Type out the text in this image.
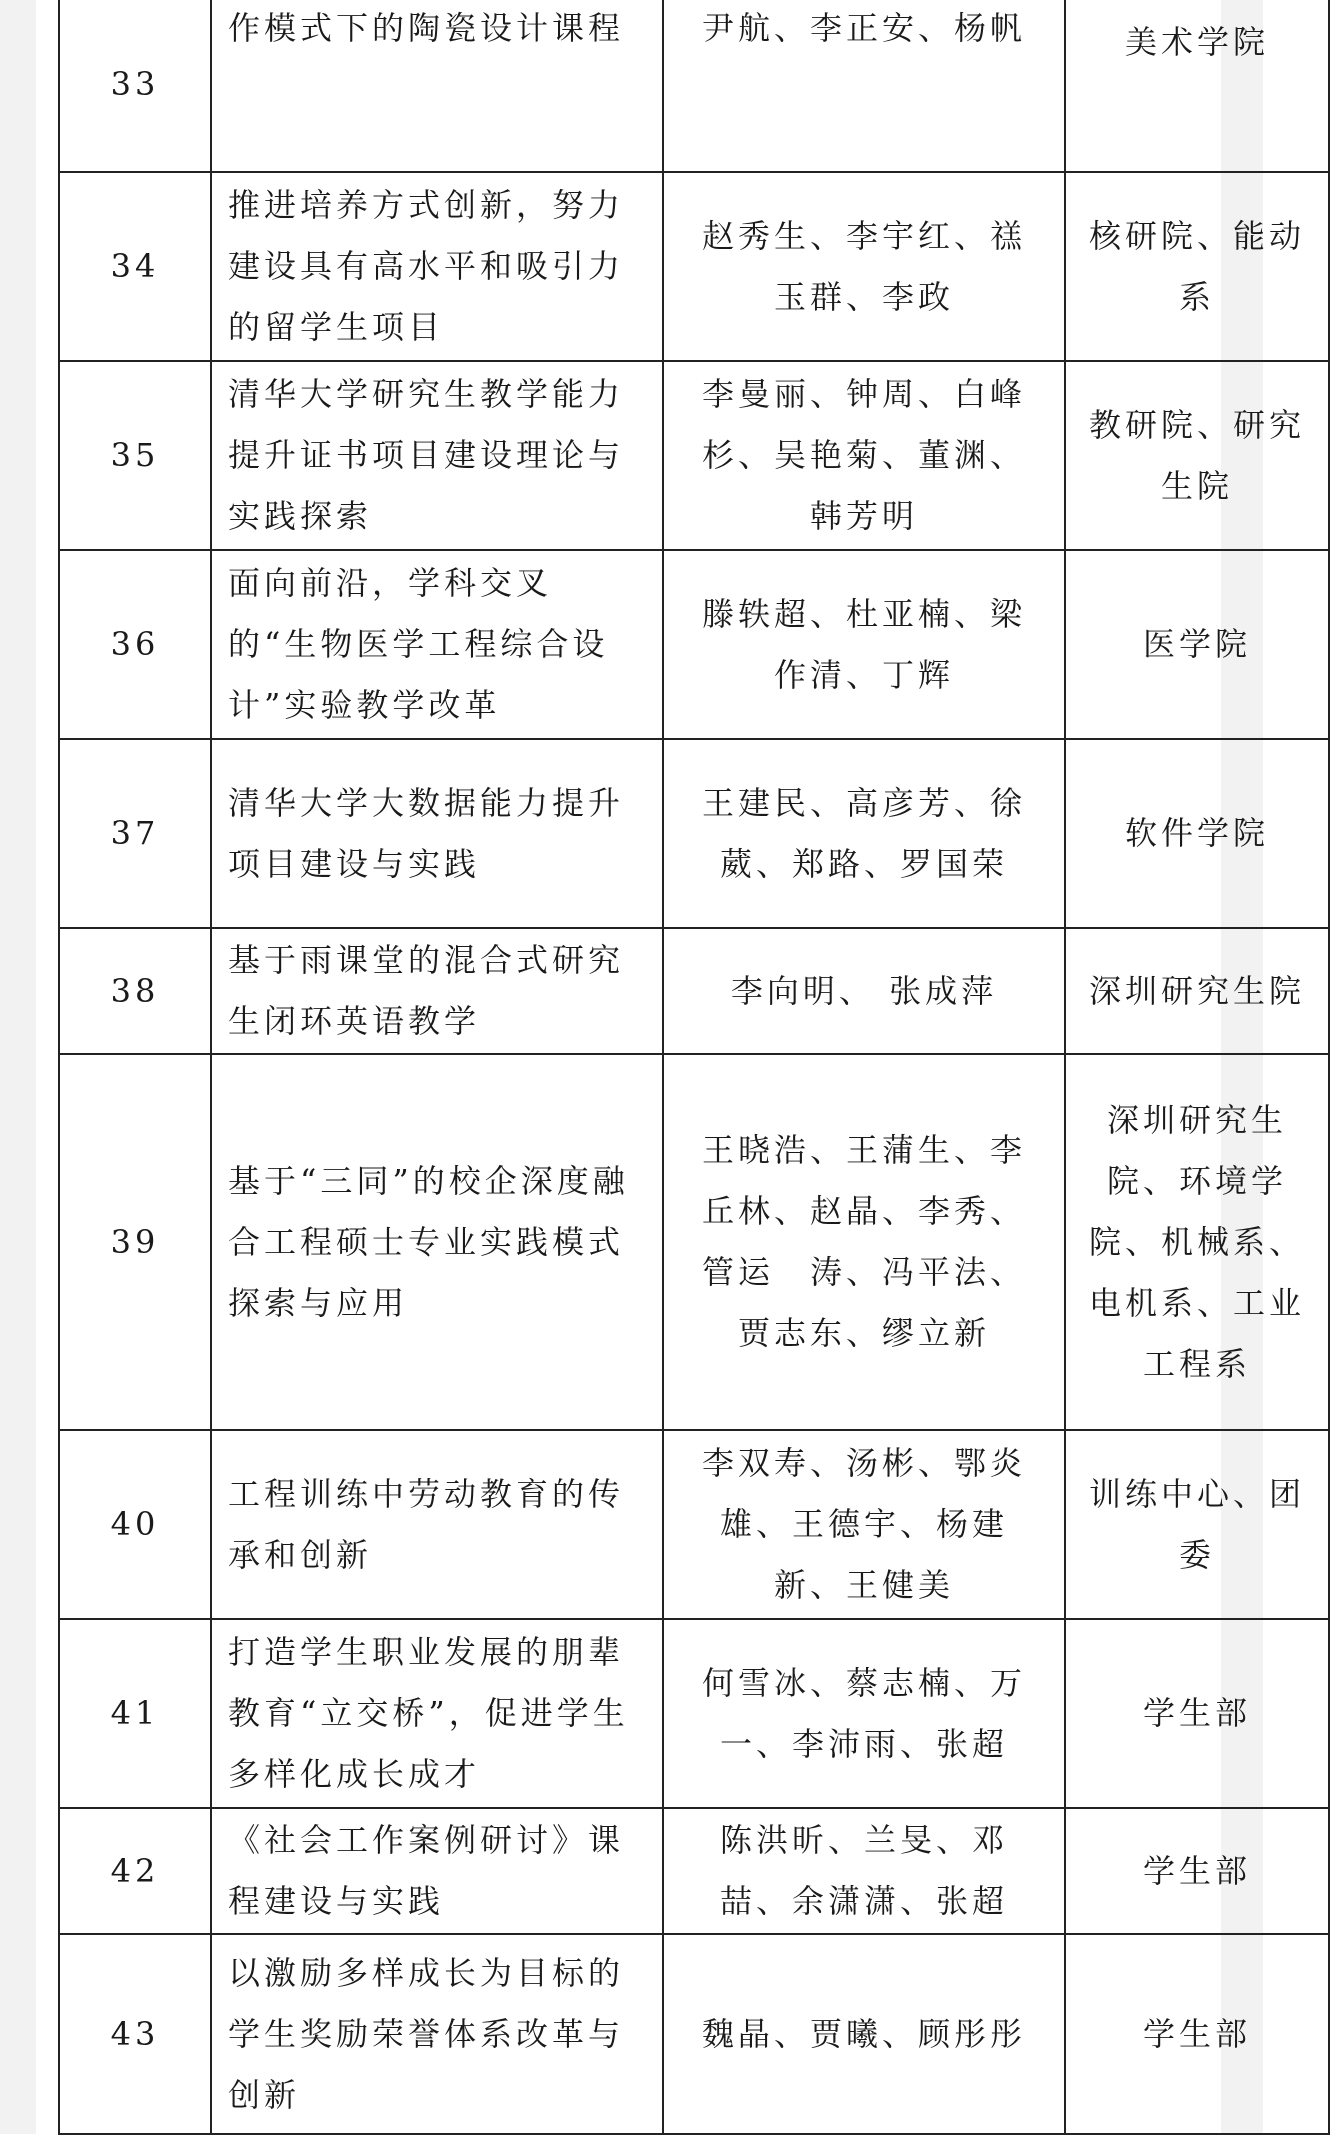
33	作模式下的陶瓷设计课程	尹航、李正安、杨帆	美术学院

34	推进培养方式创新，努力建设具有高水平和吸引力的留学生项目	赵秀生、李宇红、禚玉群、李政	核研院、能动系

35	清华大学研究生教学能力提升证书项目建设理论与实践探索	李曼丽、钟周、白峰杉、吴艳菊、董渊、韩芳明	教研院、研究生院

36	面向前沿，学科交叉的“生物医学工程综合设计”实验教学改革	滕轶超、杜亚楠、梁作清、丁辉	医学院

37	清华大学大数据能力提升项目建设与实践	王建民、高彦芳、徐葳、郑路、罗国荣	软件学院

38	基于雨课堂的混合式研究生闭环英语教学	李向明、 张成萍	深圳研究生院

39	基于“三同”的校企深度融合工程硕士专业实践模式探索与应用	王晓浩、王蒲生、李丘林、赵晶、李秀、管运　涛、冯平法、贾志东、缪立新	深圳研究生院、环境学院、机械系、电机系、工业工程系

40	工程训练中劳动教育的传承和创新	李双寿、汤彬、鄂炎雄、王德宇、杨建新、王健美	训练中心、团委

41	打造学生职业发展的朋辈教育“立交桥”，促进学生多样化成长成才	何雪冰、蔡志楠、万一、李沛雨、张超	学生部

42	《社会工作案例研讨》课程建设与实践	陈洪昕、兰旻、邓喆、余潇潇、张超	学生部

43	以激励多样成长为目标的学生奖励荣誉体系改革与创新	魏晶、贾曦、顾彤彤	学生部
